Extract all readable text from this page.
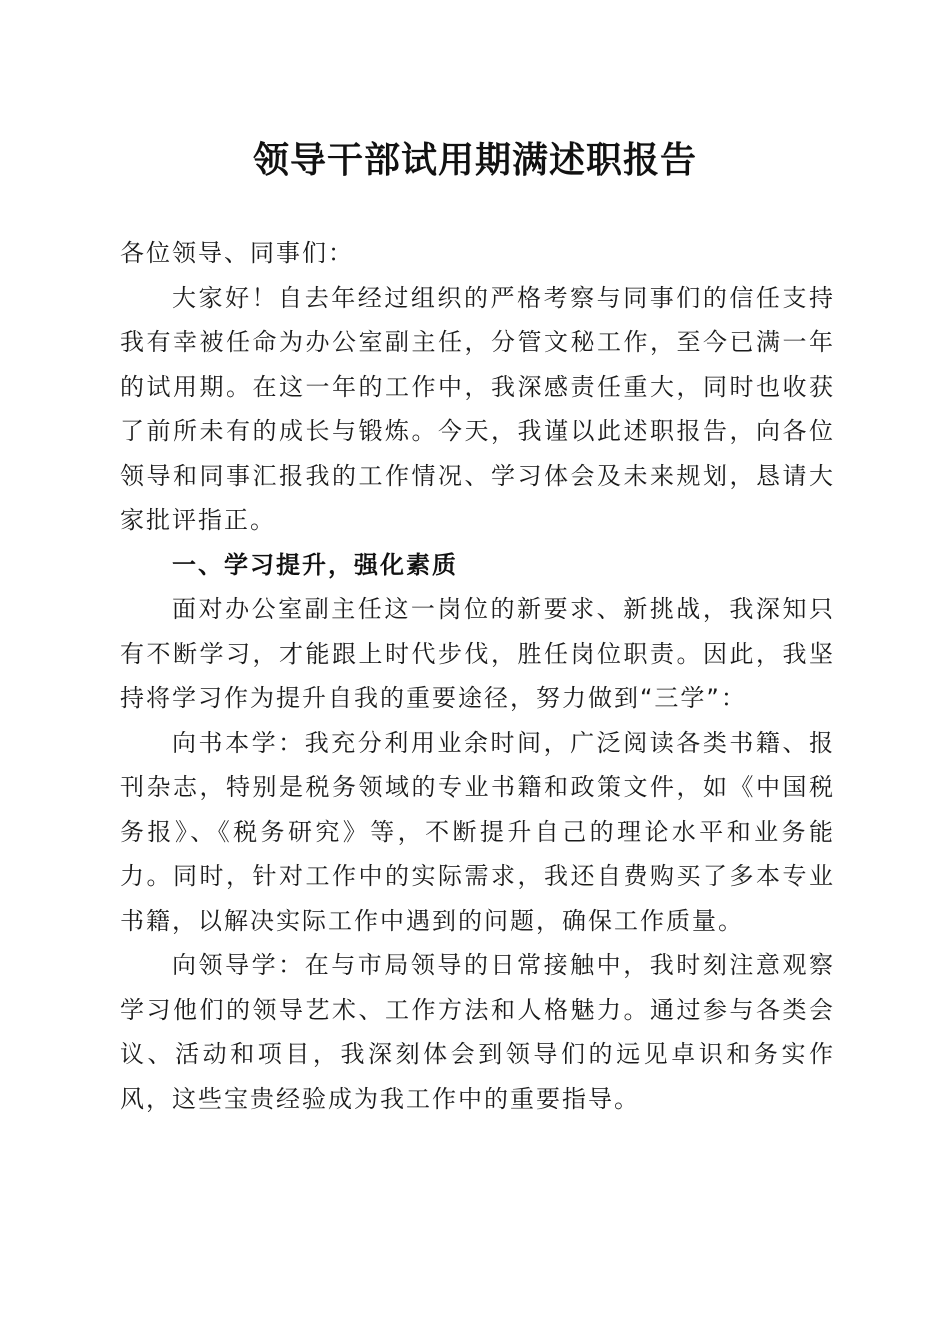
领导干部试用期满述职报告

各位领导、同事们：

大家好！自去年经过组织的严格考察与同事们的信任支持我有幸被任命为办公室副主任，分管文秘工作，至今已满一年的试用期。在这一年的工作中，我深感责任重大，同时也收获了前所未有的成长与锻炼。今天，我谨以此述职报告，向各位领导和同事汇报我的工作情况、学习体会及未来规划，恳请大家批评指正。

一、学习提升，强化素质

面对办公室副主任这一岗位的新要求、新挑战，我深知只有不断学习，才能跟上时代步伐，胜任岗位职责。因此，我坚持将学习作为提升自我的重要途径，努力做到“三学”：

向书本学：我充分利用业余时间，广泛阅读各类书籍、报刊杂志，特别是税务领域的专业书籍和政策文件，如《中国税务报》、《税务研究》等，不断提升自己的理论水平和业务能力。同时，针对工作中的实际需求，我还自费购买了多本专业书籍，以解决实际工作中遇到的问题，确保工作质量。

向领导学：在与市局领导的日常接触中，我时刻注意观察学习他们的领导艺术、工作方法和人格魅力。通过参与各类会议、活动和项目，我深刻体会到领导们的远见卓识和务实作风，这些宝贵经验成为我工作中的重要指导。
